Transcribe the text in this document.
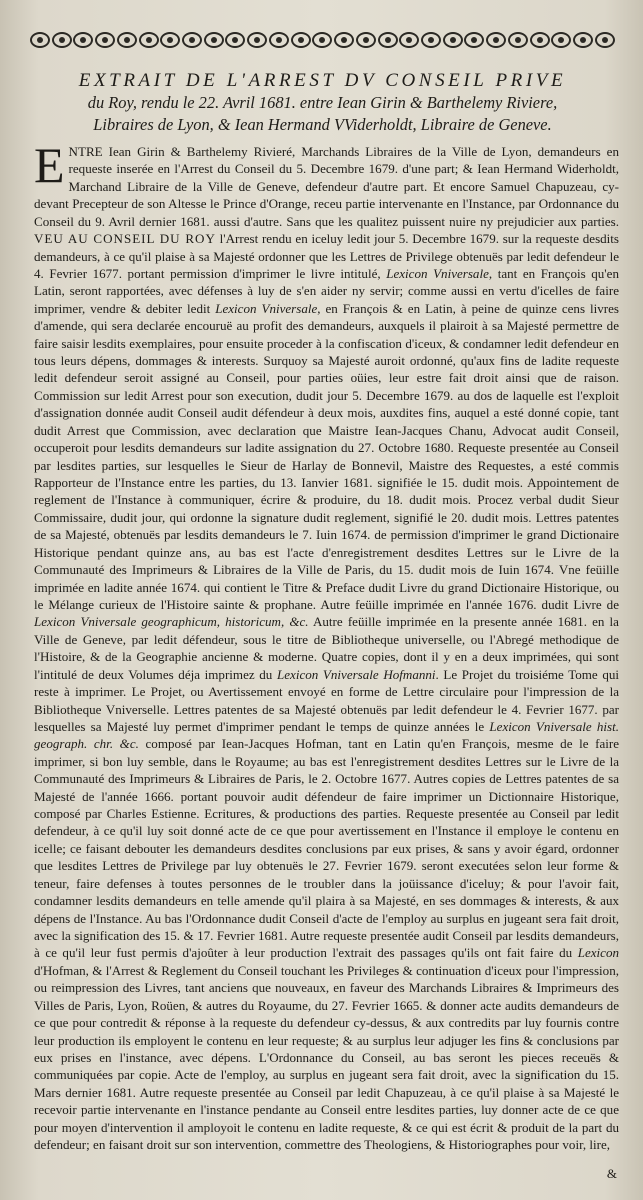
EXTRAIT DE L'ARREST DV CONSEIL PRIVE
du Roy, rendu le 22. Avril 1681. entre Iean Girin & Barthelemy Riviere,
Libraires de Lyon, & Iean Hermand VViderholdt, Libraire de Geneve.
ENTRE Iean Girin & Barthelemy Rivieré, Marchands Libraires de la Ville de Lyon, demandeurs en requeste inserée en l'Arrest du Conseil du 5. Decembre 1679. d'une part; & Iean Hermand Widerholdt, Marchand Libraire de la Ville de Geneve, defendeur d'autre part. Et encore Samuel Chapuzeau, cy-devant Precepteur de son Altesse le Prince d'Orange, receu partie intervenante en l'Instance, par Ordonnance du Conseil du 9. Avril dernier 1681. aussi d'autre. Sans que les qualitez puissent nuire ny prejudicier aux parties. VEU AU CONSEIL DU ROY l'Arrest rendu en iceluy ledit jour 5. Decembre 1679. sur la requeste desdits demandeurs, à ce qu'il plaise à sa Majesté ordonner que les Lettres de Privilege obtenuës par ledit defendeur le 4. Fevrier 1677. portant permission d'imprimer le livre intitulé, Lexicon Vniversale, tant en François qu'en Latin, seront rapportées, avec défenses à luy de s'en aider ny servir; comme aussi en vertu d'icelles de faire imprimer, vendre & debiter ledit Lexicon Vniversale, en François & en Latin, à peine de quinze cens livres d'amende, qui sera declarée encouruë au profit des demandeurs, auxquels il plairoit à sa Majesté permettre de faire saisir lesdits exemplaires, pour ensuite proceder à la confiscation d'iceux, & condamner ledit defendeur en tous leurs dépens, dommages & interests. Surquoy sa Majesté auroit ordonné, qu'aux fins de ladite requeste ledit defendeur seroit assigné au Conseil, pour parties oüies, leur estre fait droit ainsi que de raison. Commission sur ledit Arrest pour son execution, dudit jour 5. Decembre 1679. au dos de laquelle est l'exploit d'assignation donnée audit Conseil audit défendeur à deux mois, auxdites fins, auquel a esté donné copie, tant dudit Arrest que Commission, avec declaration que Maistre Iean-Jacques Chanu, Advocat audit Conseil, occuperoit pour lesdits demandeurs sur ladite assignation du 27. Octobre 1680. Requeste presentée au Conseil par lesdites parties, sur lesquelles le Sieur de Harlay de Bonnevil, Maistre des Requestes, a esté commis Rapporteur de l'Instance entre les parties, du 13. Ianvier 1681. signifiée le 15. dudit mois. Appointement de reglement de l'Instance à communiquer, écrire & produire, du 18. dudit mois. Procez verbal dudit Sieur Commissaire, dudit jour, qui ordonne la signature dudit reglement, signifié le 20. dudit mois. Lettres patentes de sa Majesté, obtenuës par lesdits demandeurs le 7. Iuin 1674. de permission d'imprimer le grand Dictionaire Historique pendant quinze ans, au bas est l'acte d'enregistrement desdites Lettres sur le Livre de la Communauté des Imprimeurs & Libraires de la Ville de Paris, du 15. dudit mois de Iuin 1674. Vne feüille imprimée en ladite année 1674. qui contient le Titre & Preface dudit Livre du grand Dictionaire Historique, ou le Mélange curieux de l'Histoire sainte & prophane. Autre feüille imprimée en l'année 1676. dudit Livre de Lexicon Vniversale geographicum, historicum, &c. Autre feüille imprimée en la presente année 1681. en la Ville de Geneve, par ledit défendeur, sous le titre de Bibliotheque universelle, ou l'Abregé methodique de l'Histoire, & de la Geographie ancienne & moderne. Quatre copies, dont il y en a deux imprimées, qui sont l'intitulé de deux Volumes déja imprimez du Lexicon Vniversale Hofmanni. Le Projet du troisiéme Tome qui reste à imprimer. Le Projet, ou Avertissement envoyé en forme de Lettre circulaire pour l'impression de la Bibliotheque Vniverselle. Lettres patentes de sa Majesté obtenuës par ledit defendeur le 4. Fevrier 1677. par lesquelles sa Majesté luy permet d'imprimer pendant le temps de quinze années le Lexicon Vniversale hist. geograph. chr. &c. composé par Iean-Jacques Hofman, tant en Latin qu'en François, mesme de le faire imprimer, si bon luy semble, dans le Royaume; au bas est l'enregistrement desdites Lettres sur le Livre de la Communauté des Imprimeurs & Libraires de Paris, le 2. Octobre 1677. Autres copies de Lettres patentes de sa Majesté de l'année 1666. portant pouvoir audit défendeur de faire imprimer un Dictionnaire Historique, composé par Charles Estienne. Ecritures, & productions des parties. Requeste presentée au Conseil par ledit defendeur, à ce qu'il luy soit donné acte de ce que pour avertissement en l'Instance il employe le contenu en icelle; ce faisant debouter les demandeurs desdites conclusions par eux prises, & sans y avoir égard, ordonner que lesdites Lettres de Privilege par luy obtenuës le 27. Fevrier 1679. seront executées selon leur forme & teneur, faire defenses à toutes personnes de le troubler dans la joüissance d'iceluy; & pour l'avoir fait, condamner lesdits demandeurs en telle amende qu'il plaira à sa Majesté, en ses dommages & interests, & aux dépens de l'Instance. Au bas l'Ordonnance dudit Conseil d'acte de l'employ au surplus en jugeant sera fait droit, avec la signification des 15. & 17. Fevrier 1681. Autre requeste presentée audit Conseil par lesdits demandeurs, à ce qu'il leur fust permis d'ajoûter à leur production l'extrait des passages qu'ils ont fait faire du Lexicon d'Hofman, & l'Arrest & Reglement du Conseil touchant les Privileges & continuation d'iceux pour l'impression, ou reimpression des Livres, tant anciens que nouveaux, en faveur des Marchands Libraires & Imprimeurs des Villes de Paris, Lyon, Roüen, & autres du Royaume, du 27. Fevrier 1665. & donner acte audits demandeurs de ce que pour contredit & réponse à la requeste du defendeur cy-dessus, & aux contredits par luy fournis contre leur production ils employent le contenu en leur requeste; & au surplus leur adjuger les fins & conclusions par eux prises en l'instance, avec dépens. L'Ordonnance du Conseil, au bas seront les pieces receuës & communiquées par copie. Acte de l'employ, au surplus en jugeant sera fait droit, avec la signification du 15. Mars dernier 1681. Autre requeste presentée au Conseil par ledit Chapuzeau, à ce qu'il plaise à sa Majesté le recevoir partie intervenante en l'instance pendante au Conseil entre lesdites parties, luy donner acte de ce que pour moyen d'intervention il amployoit le contenu en ladite requeste, & ce qui est écrit & produit de la part du defendeur; en faisant droit sur son intervention, commettre des Theologiens, & Historiographes pour voir, lire,
&
